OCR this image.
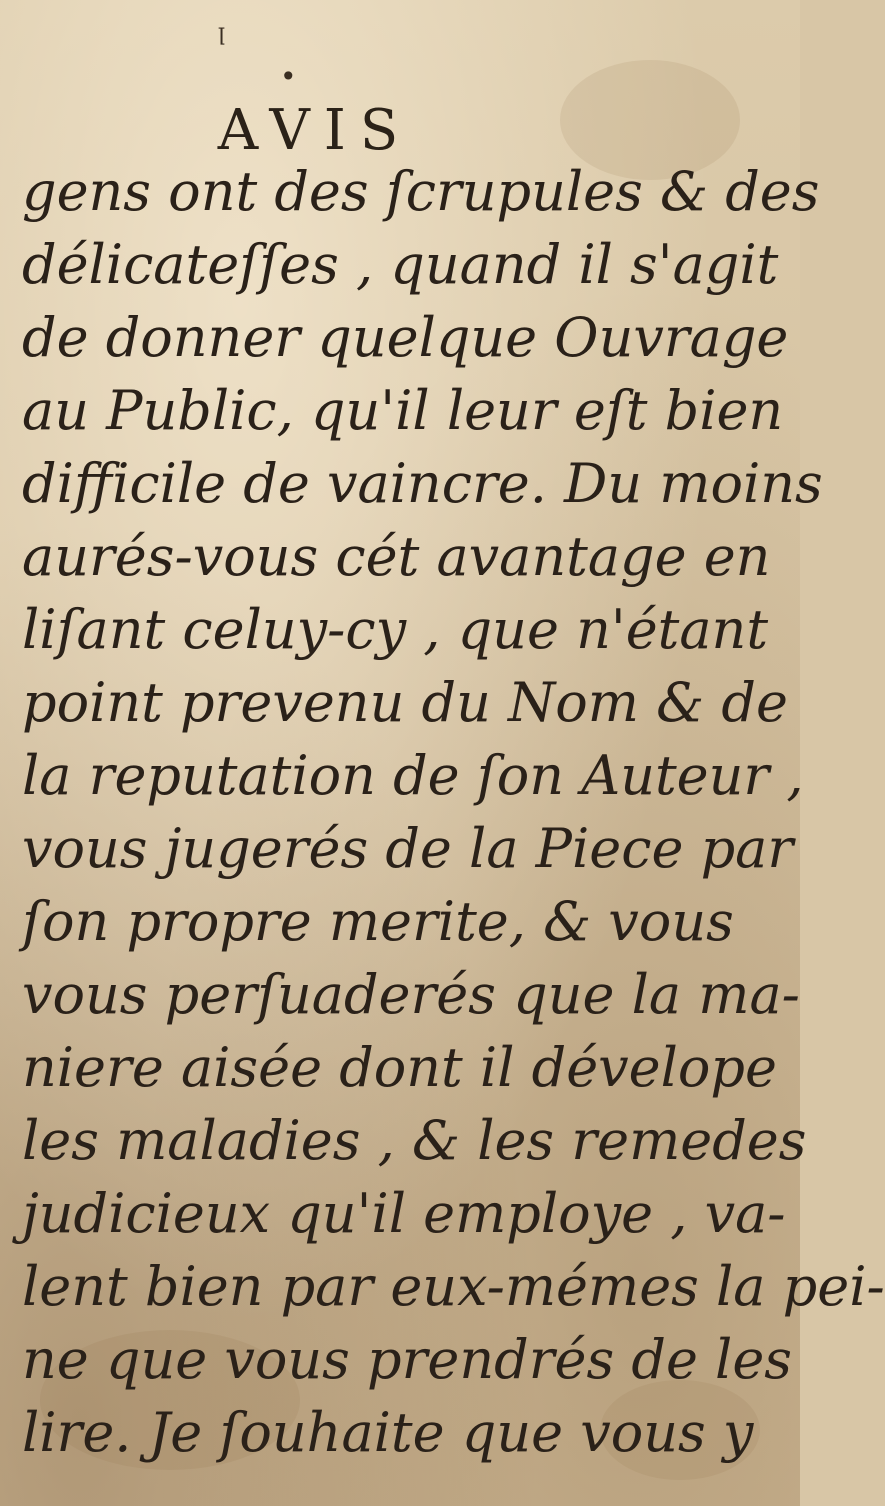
•
ꞁ
AVIS
gens ont des ſcrupules & des
délicateſſes , quand il s'agit
de donner quelque Ouvrage
au Public, qu'il leur eſt bien
difficile de vaincre. Du moins
aurés-vous cét avantage en
liſant celuy-cy , que n'étant
point prevenu du Nom & de
la reputation de ſon Auteur ,
vous jugerés de la Piece par
ſon propre merite, & vous
vous perſuaderés que la ma-
niere aisée dont il dévelope
les maladies , & les remedes
judicieux qu'il employe , va-
lent bien par eux-mémes la pei-
ne que vous prendrés de les
lire. Je ſouhaite que vous y
